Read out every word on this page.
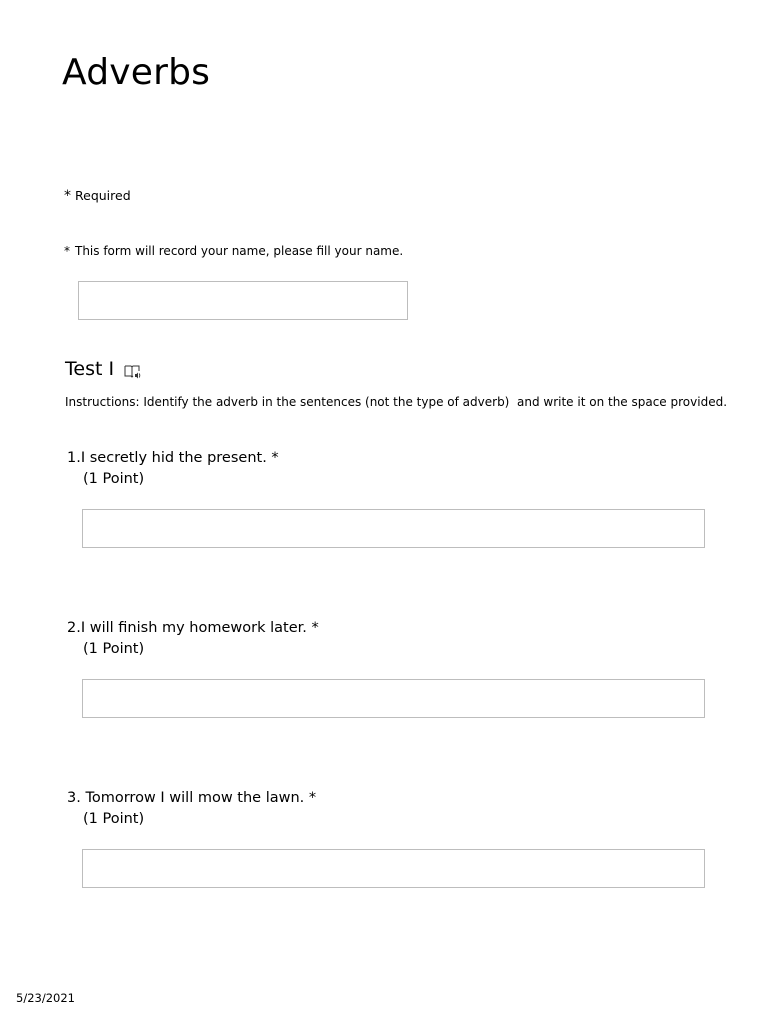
Adverbs
* Required
* This form will record your name, please fill your name.
Test I
Instructions: Identify the adverb in the sentences (not the type of adverb)  and write it on the space provided.
1.I secretly hid the present. *
(1 Point)
2.I will finish my homework later. *
(1 Point)
3. Tomorrow I will mow the lawn. *
(1 Point)
5/23/2021
